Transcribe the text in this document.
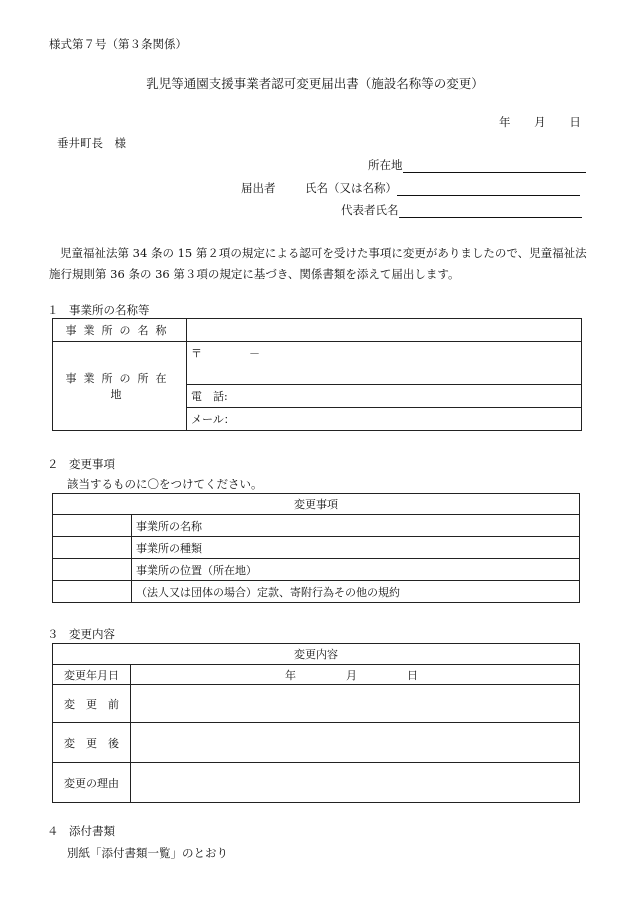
様式第７号（第３条関係）
乳児等通園支援事業者認可変更届出書（施設名称等の変更）
年 月 日
垂井町長　様
所在地
届出者	氏名（又は名称）
代表者氏名
児童福祉法第 34 条の 15 第２項の規定による認可を受けた事項に変更がありましたので、児童福祉法施行規則第 36 条の 36 第３項の規定に基づき、関係書類を添えて届出します。
１ 事業所の名称等
事業所の名称	
事業所の所在地	〒 －
	電　話:
	メール：
２ 変更事項
該当するものに〇をつけてください。
変更事項	
	事業所の名称
	事業所の種類
	事業所の位置（所在地）
	（法人又は団体の場合）定款、寄附行為その他の規約
３ 変更内容
変更内容	
変更年月日	年 月 日
変　更　前	
変　更　後	
変更の理由	
４ 添付書類
別紙「添付書類一覧」のとおり
